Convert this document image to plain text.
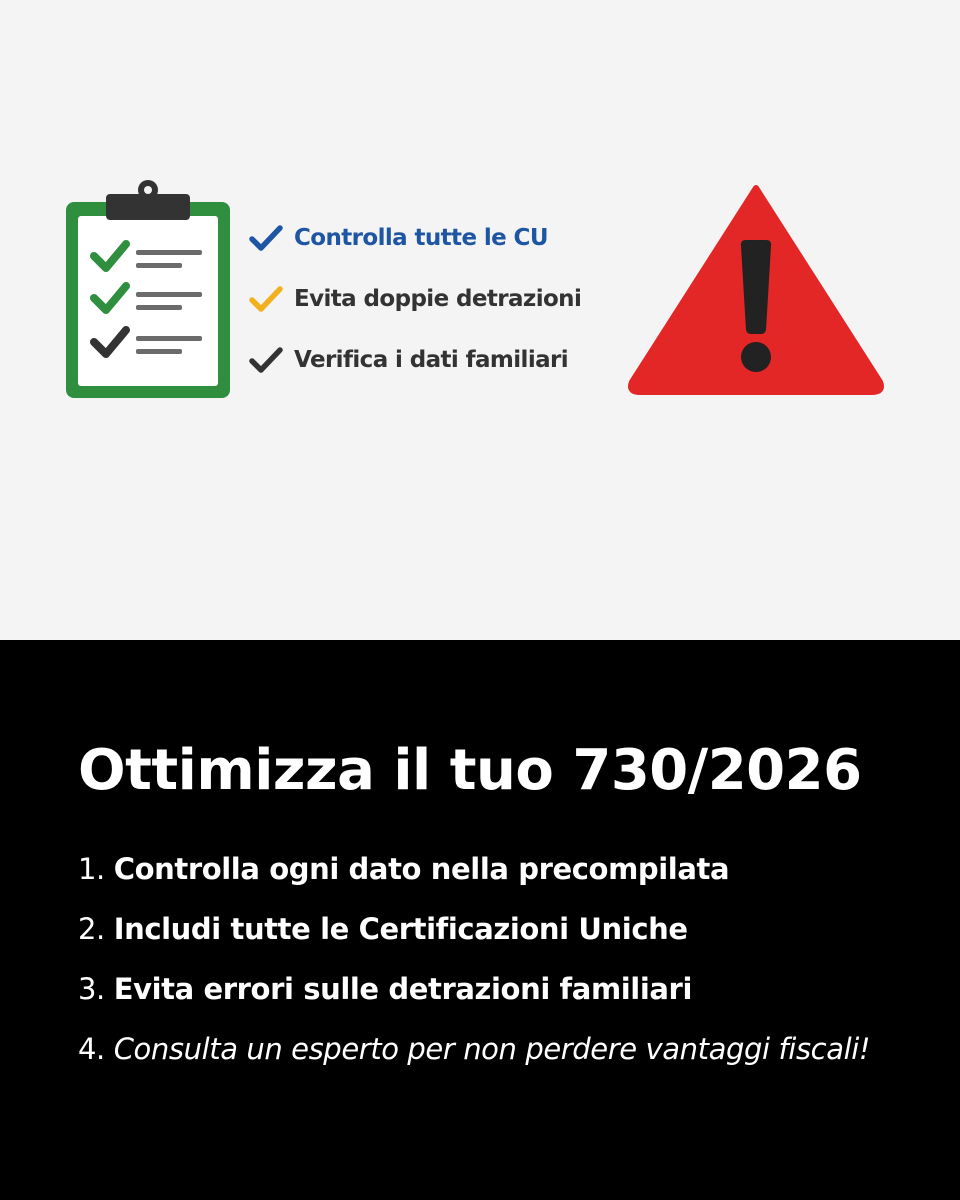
Controlla tutte le CU
Evita doppie detrazioni
Verifica i dati familiari
Ottimizza il tuo 730/2026
1. Controlla ogni dato nella precompilata
2. Includi tutte le Certificazioni Uniche
3. Evita errori sulle detrazioni familiari
4. Consulta un esperto per non perdere vantaggi fiscali!
